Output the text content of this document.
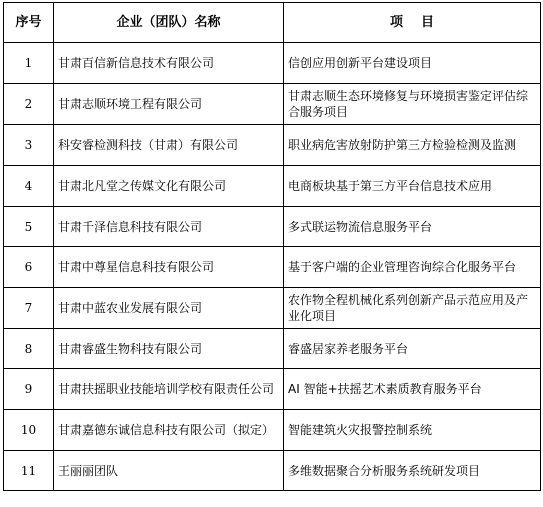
序号	企业（团队）名称	项    目
1	甘肃百信新信息技术有限公司	信创应用创新平台建设项目
2	甘肃志顺环境工程有限公司	甘肃志顺生态环境修复与环境损害鉴定评估综合服务项目
3	科安睿检测科技（甘肃）有限公司	职业病危害放射防护第三方检验检测及监测
4	甘肃北凡堂之传媒文化有限公司	电商板块基于第三方平台信息技术应用
5	甘肃千泽信息科技有限公司	多式联运物流信息服务平台
6	甘肃中尊星信息科技有限公司	基于客户端的企业管理咨询综合化服务平台
7	甘肃中蓝农业发展有限公司	农作物全程机械化系列创新产品示范应用及产业化项目
8	甘肃睿盛生物科技有限公司	睿盛居家养老服务平台
9	甘肃扶摇职业技能培训学校有限责任公司	AI 智能+扶摇艺术素质教育服务平台
10	甘肃嘉德东诚信息科技有限公司（拟定）	智能建筑火灾报警控制系统
11	王丽丽团队	多维数据聚合分析服务系统研发项目
